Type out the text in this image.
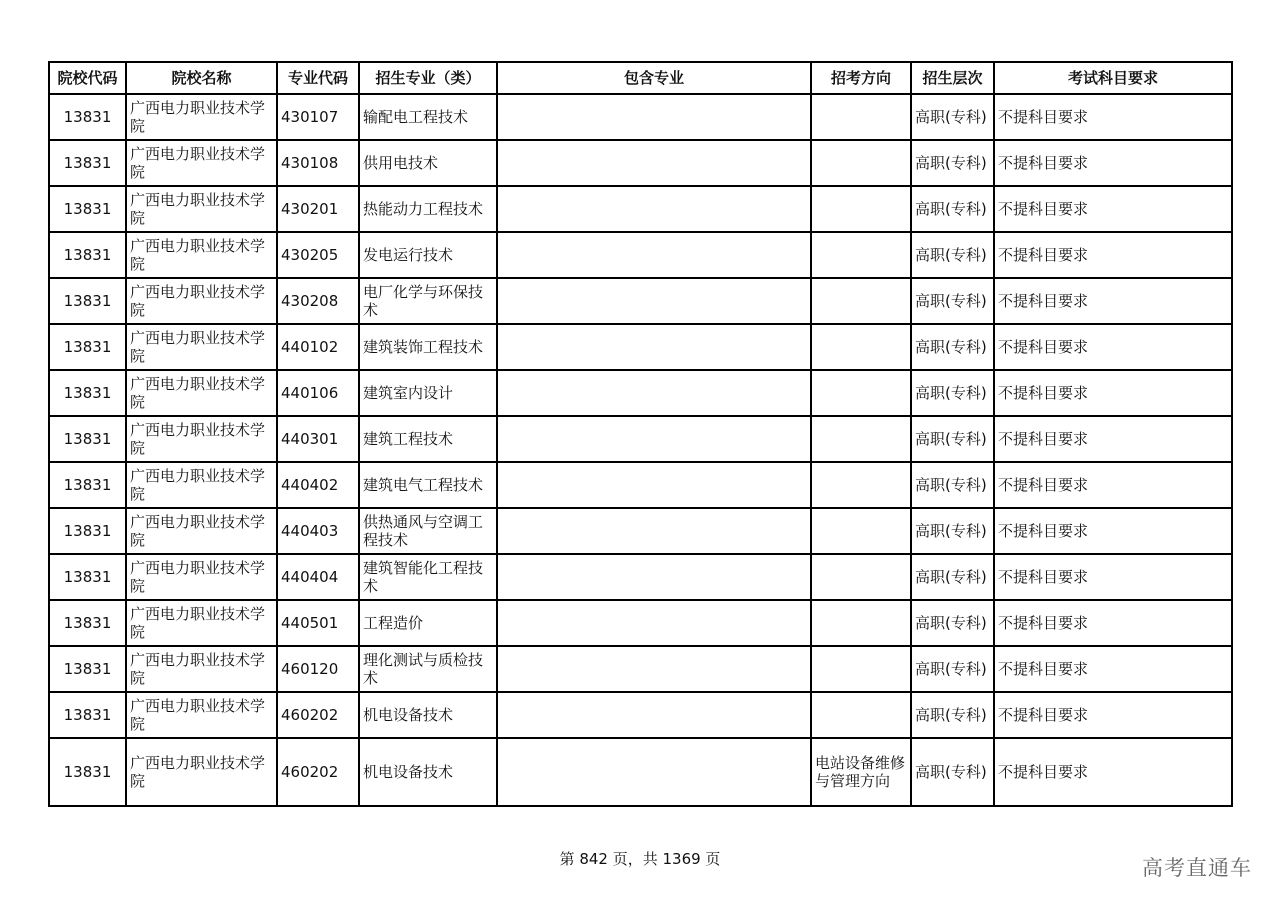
院校代码	院校名称	专业代码	招生专业（类）	包含专业	招考方向	招生层次	考试科目要求
13831	广西电力职业技术学院	430107	输配电工程技术			高职(专科)	不提科目要求
13831	广西电力职业技术学院	430108	供用电技术			高职(专科)	不提科目要求
13831	广西电力职业技术学院	430201	热能动力工程技术			高职(专科)	不提科目要求
13831	广西电力职业技术学院	430205	发电运行技术			高职(专科)	不提科目要求
13831	广西电力职业技术学院	430208	电厂化学与环保技术			高职(专科)	不提科目要求
13831	广西电力职业技术学院	440102	建筑装饰工程技术			高职(专科)	不提科目要求
13831	广西电力职业技术学院	440106	建筑室内设计			高职(专科)	不提科目要求
13831	广西电力职业技术学院	440301	建筑工程技术			高职(专科)	不提科目要求
13831	广西电力职业技术学院	440402	建筑电气工程技术			高职(专科)	不提科目要求
13831	广西电力职业技术学院	440403	供热通风与空调工程技术			高职(专科)	不提科目要求
13831	广西电力职业技术学院	440404	建筑智能化工程技术			高职(专科)	不提科目要求
13831	广西电力职业技术学院	440501	工程造价			高职(专科)	不提科目要求
13831	广西电力职业技术学院	460120	理化测试与质检技术			高职(专科)	不提科目要求
13831	广西电力职业技术学院	460202	机电设备技术			高职(专科)	不提科目要求
13831	广西电力职业技术学院	460202	机电设备技术		电站设备维修与管理方向	高职(专科)	不提科目要求
第 842 页，共 1369 页	高考直通车
